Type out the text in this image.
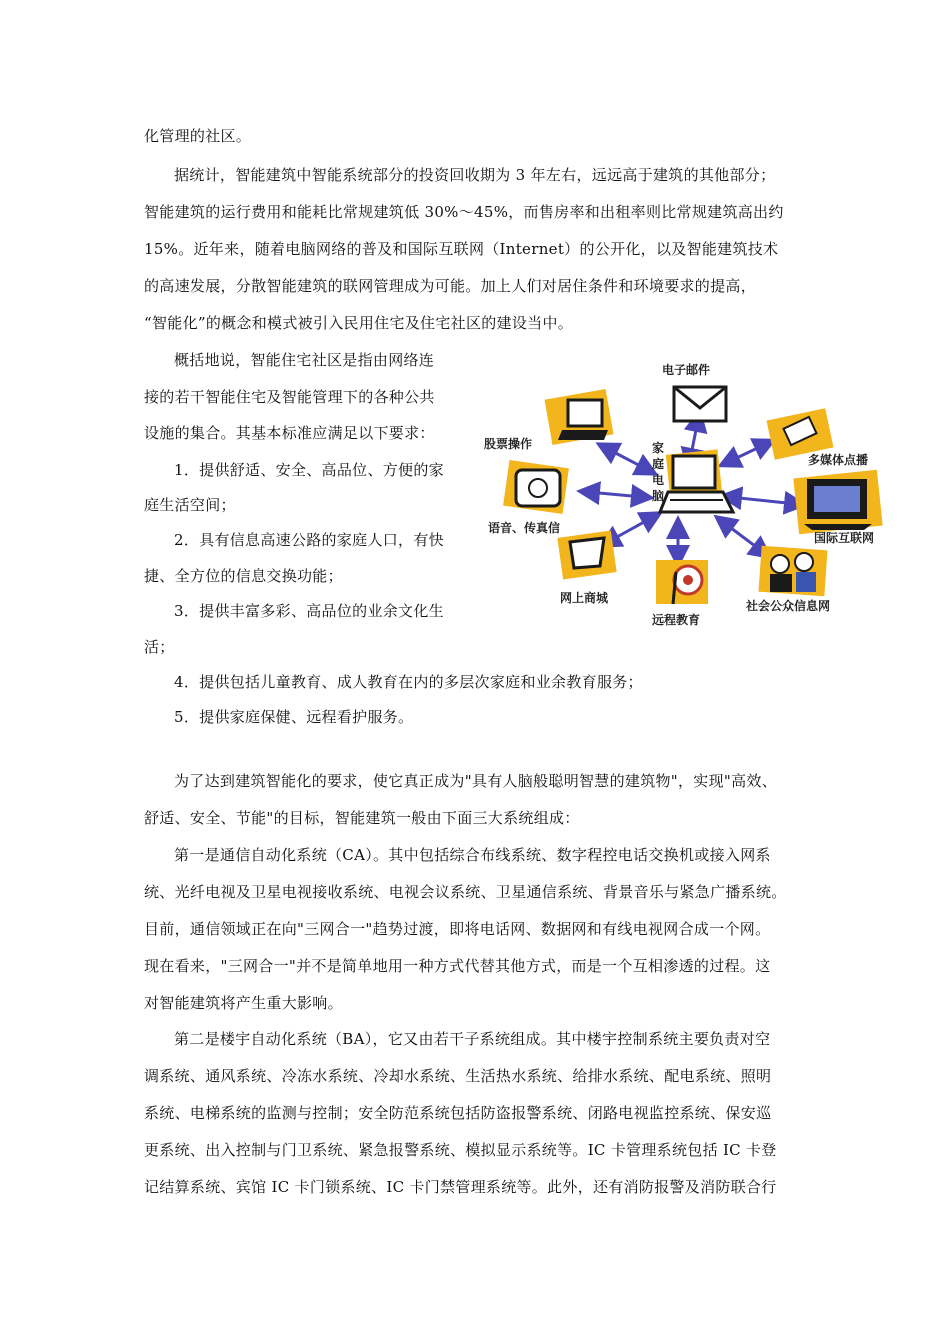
化管理的社区。
据统计，智能建筑中智能系统部分的投资回收期为 3 年左右，远远高于建筑的其他部分；
智能建筑的运行费用和能耗比常规建筑低 30%～45%，而售房率和出租率则比常规建筑高出约
15%。近年来，随着电脑网络的普及和国际互联网（Internet）的公开化，以及智能建筑技术
的高速发展，分散智能建筑的联网管理成为可能。加上人们对居住条件和环境要求的提高，
“智能化”的概念和模式被引入民用住宅及住宅社区的建设当中。
概括地说，智能住宅社区是指由网络连
接的若干智能住宅及智能管理下的各种公共
设施的集合。其基本标准应满足以下要求：
1．提供舒适、安全、高品位、方便的家
庭生活空间；
2．具有信息高速公路的家庭人口，有快
捷、全方位的信息交换功能；
3．提供丰富多彩、高品位的业余文化生
活；
4．提供包括儿童教育、成人教育在内的多层次家庭和业余教育服务；
5．提供家庭保健、远程看护服务。
为了达到建筑智能化的要求，使它真正成为"具有人脑般聪明智慧的建筑物"，实现"高效、
舒适、安全、节能"的目标，智能建筑一般由下面三大系统组成：
第一是通信自动化系统（CA）。其中包括综合布线系统、数字程控电话交换机或接入网系
统、光纤电视及卫星电视接收系统、电视会议系统、卫星通信系统、背景音乐与紧急广播系统。
目前，通信领域正在向"三网合一"趋势过渡，即将电话网、数据网和有线电视网合成一个网。
现在看来，"三网合一"并不是简单地用一种方式代替其他方式，而是一个互相渗透的过程。这
对智能建筑将产生重大影响。
第二是楼宇自动化系统（BA），它又由若干子系统组成。其中楼宇控制系统主要负责对空
调系统、通风系统、冷冻水系统、冷却水系统、生活热水系统、给排水系统、配电系统、照明
系统、电梯系统的监测与控制；安全防范系统包括防盗报警系统、闭路电视监控系统、保安巡
更系统、出入控制与门卫系统、紧急报警系统、模拟显示系统等。IC 卡管理系统包括 IC 卡登
记结算系统、宾馆 IC 卡门锁系统、IC 卡门禁管理系统等。此外，还有消防报警及消防联合行
家
庭
电
脑
电子邮件
股票操作
多媒体点播
语音、传真信
国际互联网
网上商城
远程教育
社会公众信息网
